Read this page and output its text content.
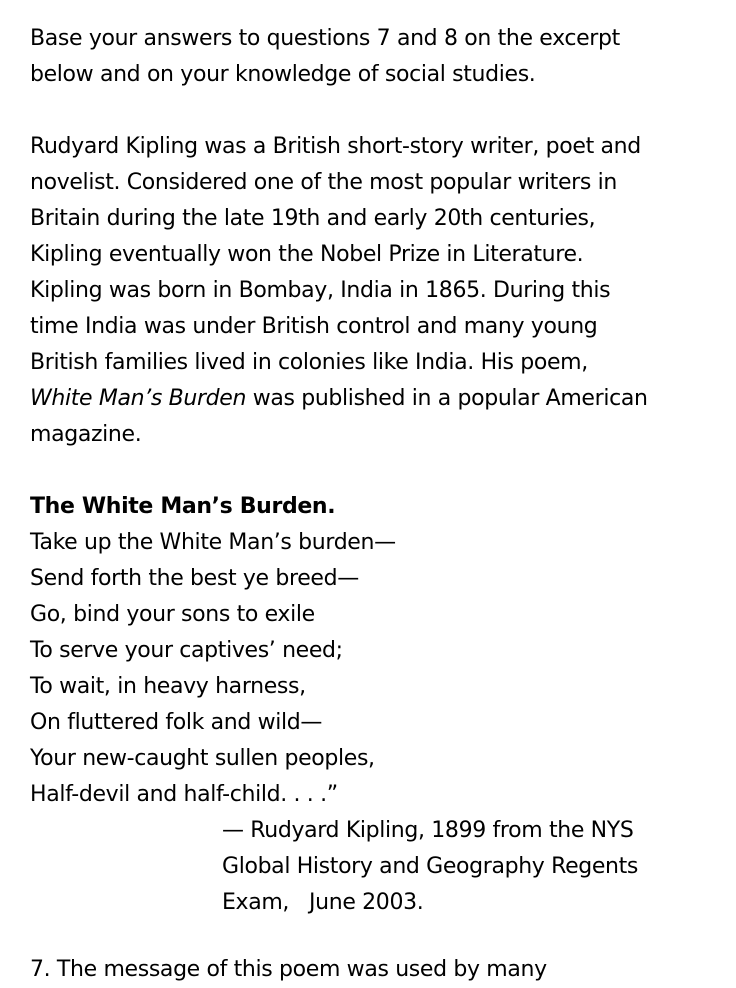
Base your answers to questions 7 and 8 on the excerpt
below and on your knowledge of social studies.

Rudyard Kipling was a British short-story writer, poet and
novelist. Considered one of the most popular writers in
Britain during the late 19th and early 20th centuries,
Kipling eventually won the Nobel Prize in Literature.
Kipling was born in Bombay, India in 1865. During this
time India was under British control and many young
British families lived in colonies like India. His poem,
White Man’s Burden was published in a popular American
magazine.

The White Man’s Burden.
Take up the White Man’s burden—
Send forth the best ye breed—
Go, bind your sons to exile
To serve your captives’ need;
To wait, in heavy harness,
On fluttered folk and wild—
Your new-caught sullen peoples,
Half-devil and half-child. . . .”
— Rudyard Kipling, 1899 from the NYS
Global History and Geography Regents
Exam,   June 2003.
7. The message of this poem was used by many
